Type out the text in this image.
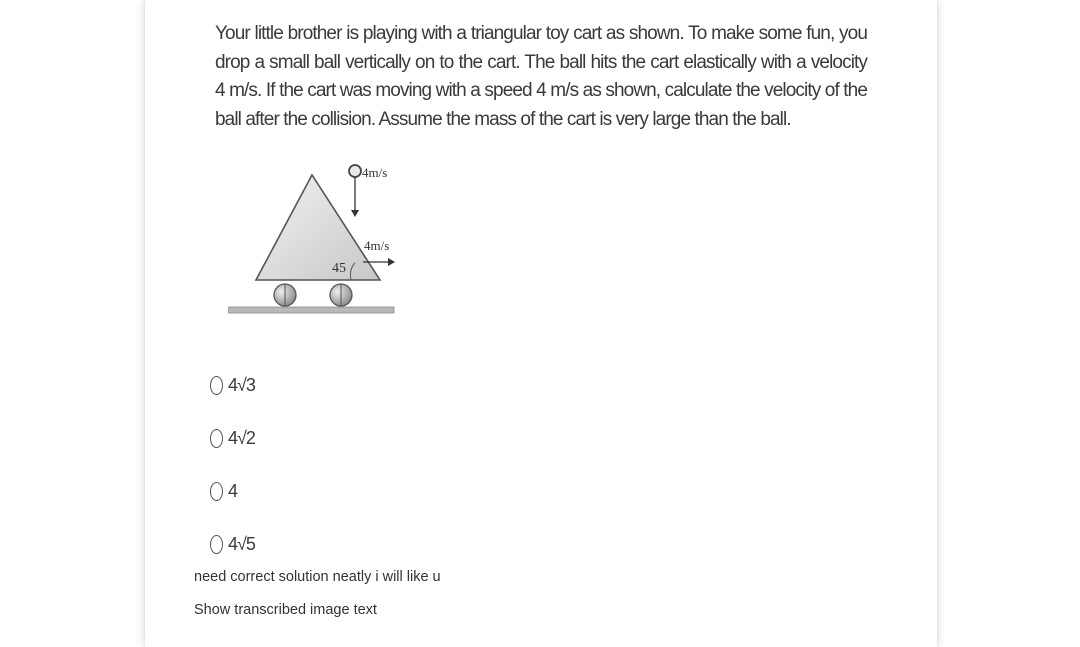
Your little brother is playing with a triangular toy cart as shown. To make some fun, you drop a small ball vertically on to the cart. The ball hits the cart elastically with a velocity 4 m/s. If the cart was moving with a speed 4 m/s as shown, calculate the velocity of the ball after the collision. Assume the mass of the cart is very large than the ball.

45
4m/s
4m/s
4√3
4√2
4
4√5

need correct solution neatly i will like u

Show transcribed image text
